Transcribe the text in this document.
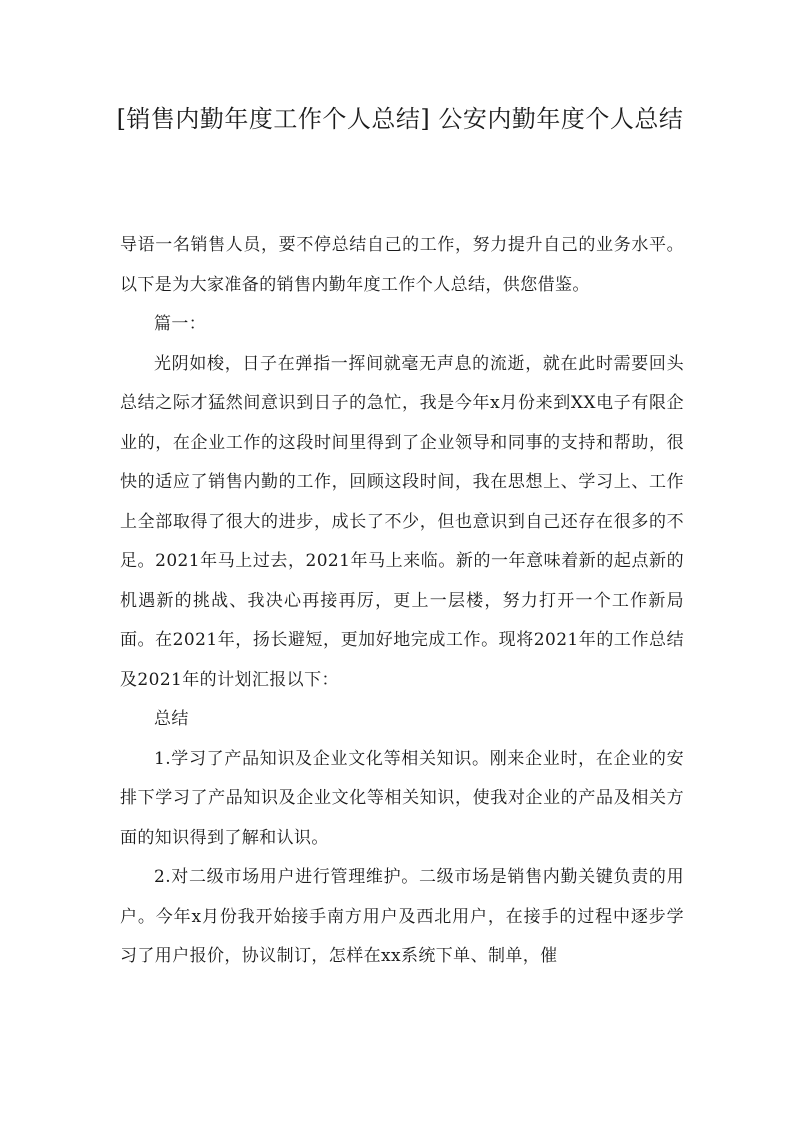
[销售内勤年度工作个人总结] 公安内勤年度个人总结

导语一名销售人员，要不停总结自己的工作，努力提升自己的业务水平。以下是为大家准备的销售内勤年度工作个人总结，供您借鉴。

篇一：

光阴如梭，日子在弹指一挥间就毫无声息的流逝，就在此时需要回头总结之际才猛然间意识到日子的急忙，我是今年x月份来到XX电子有限企业的，在企业工作的这段时间里得到了企业领导和同事的支持和帮助，很快的适应了销售内勤的工作，回顾这段时间，我在思想上、学习上、工作上全部取得了很大的进步，成长了不少，但也意识到自己还存在很多的不足。2021年马上过去，2021年马上来临。新的一年意味着新的起点新的机遇新的挑战、我决心再接再厉，更上一层楼，努力打开一个工作新局面。在2021年，扬长避短，更加好地完成工作。现将2021年的工作总结及2021年的计划汇报以下：

总结

1.学习了产品知识及企业文化等相关知识。刚来企业时，在企业的安排下学习了产品知识及企业文化等相关知识，使我对企业的产品及相关方面的知识得到了解和认识。

2.对二级市场用户进行管理维护。二级市场是销售内勤关键负责的用户。今年x月份我开始接手南方用户及西北用户，在接手的过程中逐步学习了用户报价，协议制订，怎样在xx系统下单、制单，催
